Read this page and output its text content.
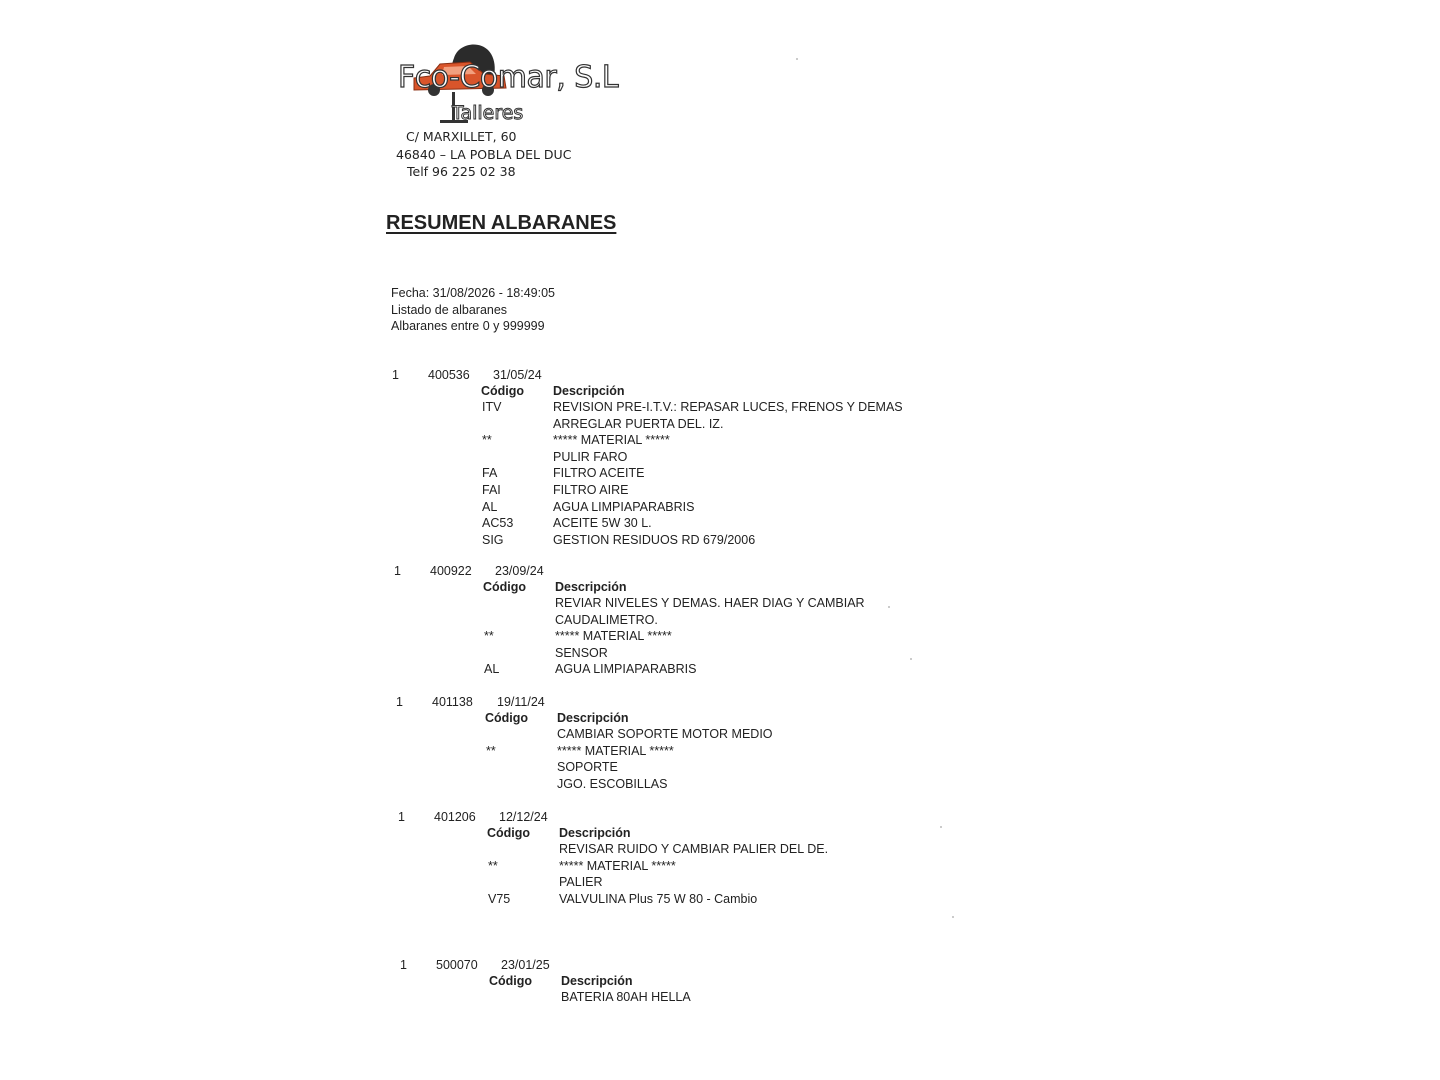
Fco-Comar, S.L
Talleres
C/ MARXILLET, 60
46840 – LA POBLA DEL DUC
Telf 96 225 02 38
RESUMEN ALBARANES
Fecha: 31/08/2026 - 18:49:05
Listado de albaranes
Albaranes entre 0 y 999999
1 400536 31/05/24
Código Descripción
ITV	REVISION PRE-I.T.V.: REPASAR LUCES, FRENOS Y DEMAS
ARREGLAR PUERTA DEL. IZ.
**	***** MATERIAL *****
PULIR FARO
FA	FILTRO ACEITE
FAI	FILTRO AIRE
AL	AGUA LIMPIAPARABRIS
AC53	ACEITE 5W 30 L.
SIG	GESTION RESIDUOS RD 679/2006
1 400922 23/09/24
Código Descripción
REVIAR NIVELES Y DEMAS. HAER DIAG Y CAMBIAR
CAUDALIMETRO.
**	***** MATERIAL *****
SENSOR
AL	AGUA LIMPIAPARABRIS
1 401138 19/11/24
Código Descripción
CAMBIAR SOPORTE MOTOR MEDIO
**	***** MATERIAL *****
SOPORTE
JGO. ESCOBILLAS
1 401206 12/12/24
Código Descripción
REVISAR RUIDO Y CAMBIAR PALIER DEL DE.
**	***** MATERIAL *****
PALIER
V75	VALVULINA Plus 75 W 80 - Cambio
1 500070 23/01/25
Código Descripción
BATERIA 80AH HELLA
